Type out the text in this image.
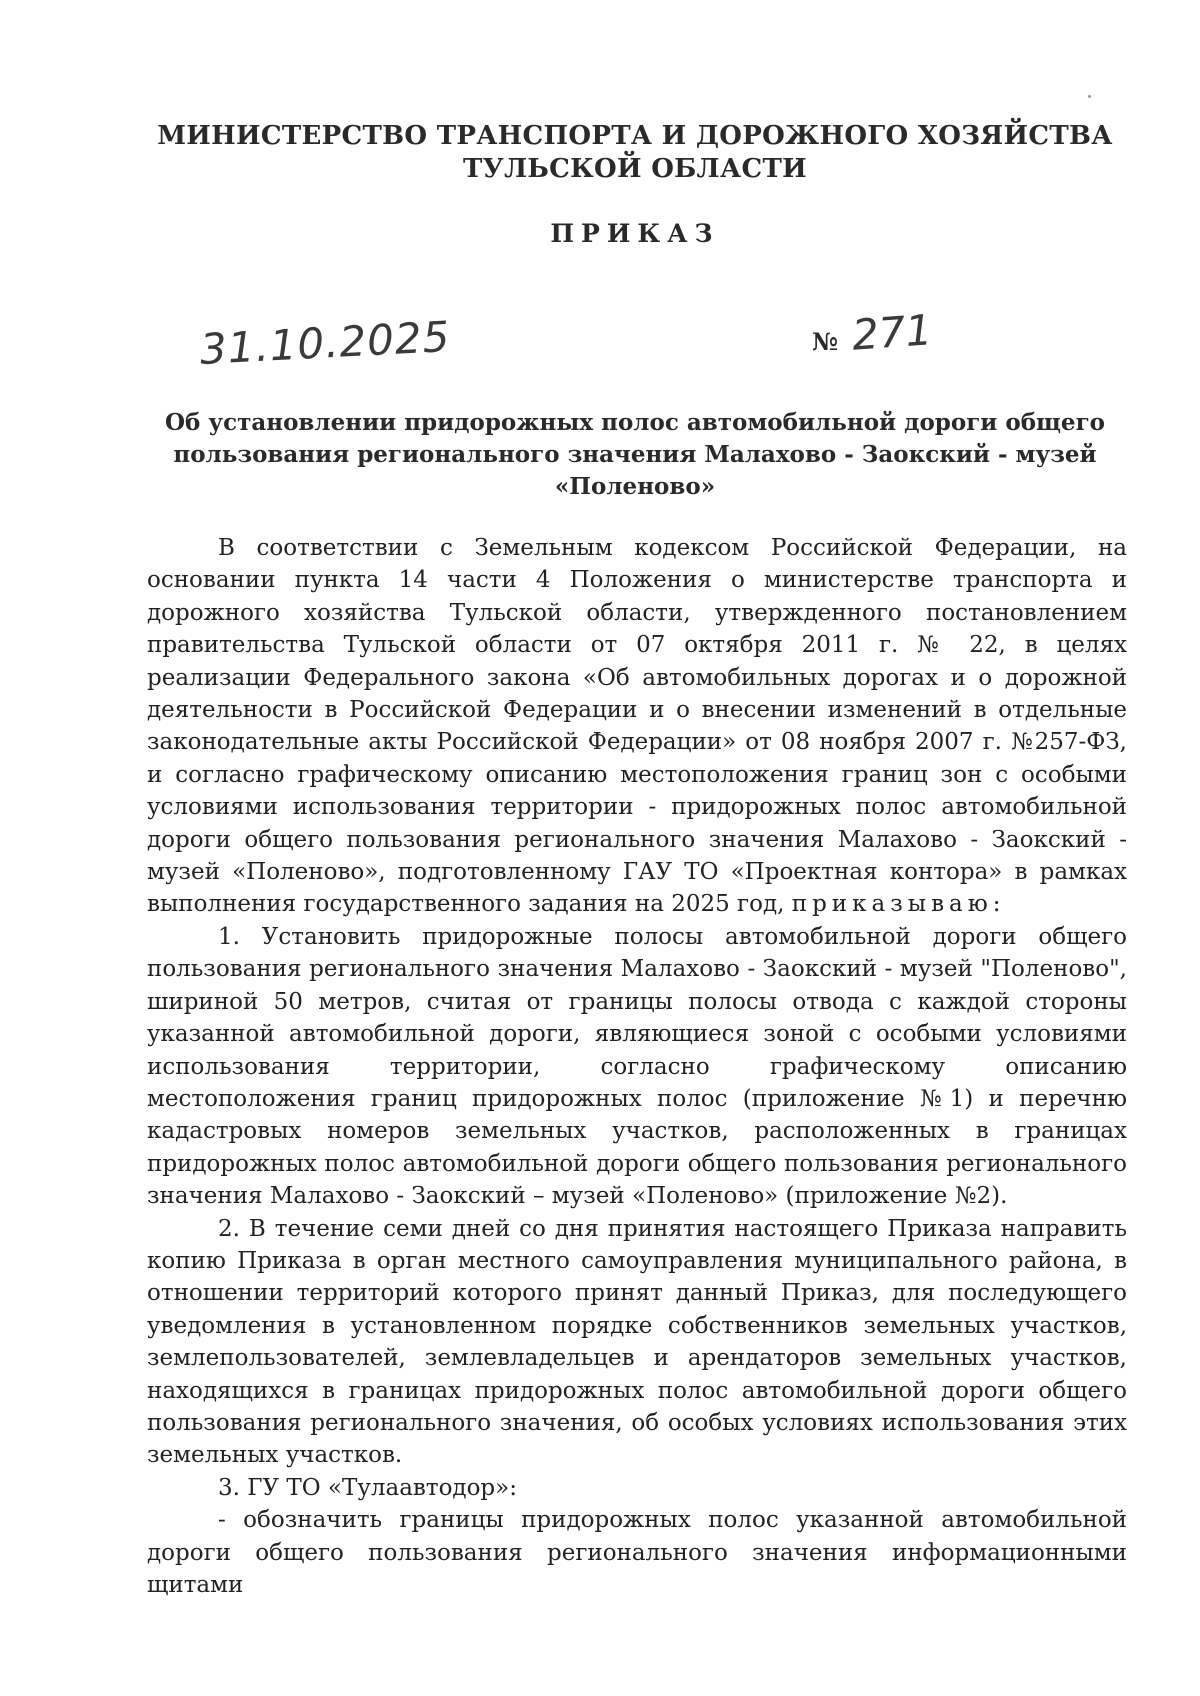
МИНИСТЕРСТВО ТРАНСПОРТА И ДОРОЖНОГО ХОЗЯЙСТВА
ТУЛЬСКОЙ ОБЛАСТИ
ПРИКАЗ
31.10.2025	№ 271
Об установлении придорожных полос автомобильной дороги общего
пользования регионального значения Малахово - Заокский - музей
«Поленово»

В соответствии с Земельным кодексом Российской Федерации, на основании пункта 14 части 4 Положения о министерстве транспорта и дорожного хозяйства Тульской области, утвержденного постановлением правительства Тульской области от 07 октября 2011 г. № 22, в целях реализации Федерального закона «Об автомобильных дорогах и о дорожной деятельности в Российской Федерации и о внесении изменений в отдельные законодательные акты Российской Федерации» от 08 ноября 2007 г. №257-ФЗ, и согласно графическому описанию местоположения границ зон с особыми условиями использования территории - придорожных полос автомобильной дороги общего пользования регионального значения Малахово - Заокский - музей «Поленово», подготовленному ГАУ ТО «Проектная контора» в рамках выполнения государственного задания на 2025 год, приказываю:

1. Установить придорожные полосы автомобильной дороги общего пользования регионального значения Малахово - Заокский - музей "Поленово", шириной 50 метров, считая от границы полосы отвода с каждой стороны указанной автомобильной дороги, являющиеся зоной с особыми условиями использования территории, согласно графическому описанию местоположения границ придорожных полос (приложение №1) и перечню кадастровых номеров земельных участков, расположенных в границах придорожных полос автомобильной дороги общего пользования регионального значения Малахово - Заокский – музей «Поленово» (приложение №2).

2. В течение семи дней со дня принятия настоящего Приказа направить копию Приказа в орган местного самоуправления муниципального района, в отношении территорий которого принят данный Приказ, для последующего уведомления в установленном порядке собственников земельных участков, землепользователей, землевладельцев и арендаторов земельных участков, находящихся в границах придорожных полос автомобильной дороги общего пользования регионального значения, об особых условиях использования этих земельных участков.

3. ГУ ТО «Тулаавтодор»:

- обозначить границы придорожных полос указанной автомобильной дороги общего пользования регионального значения информационными щитами
